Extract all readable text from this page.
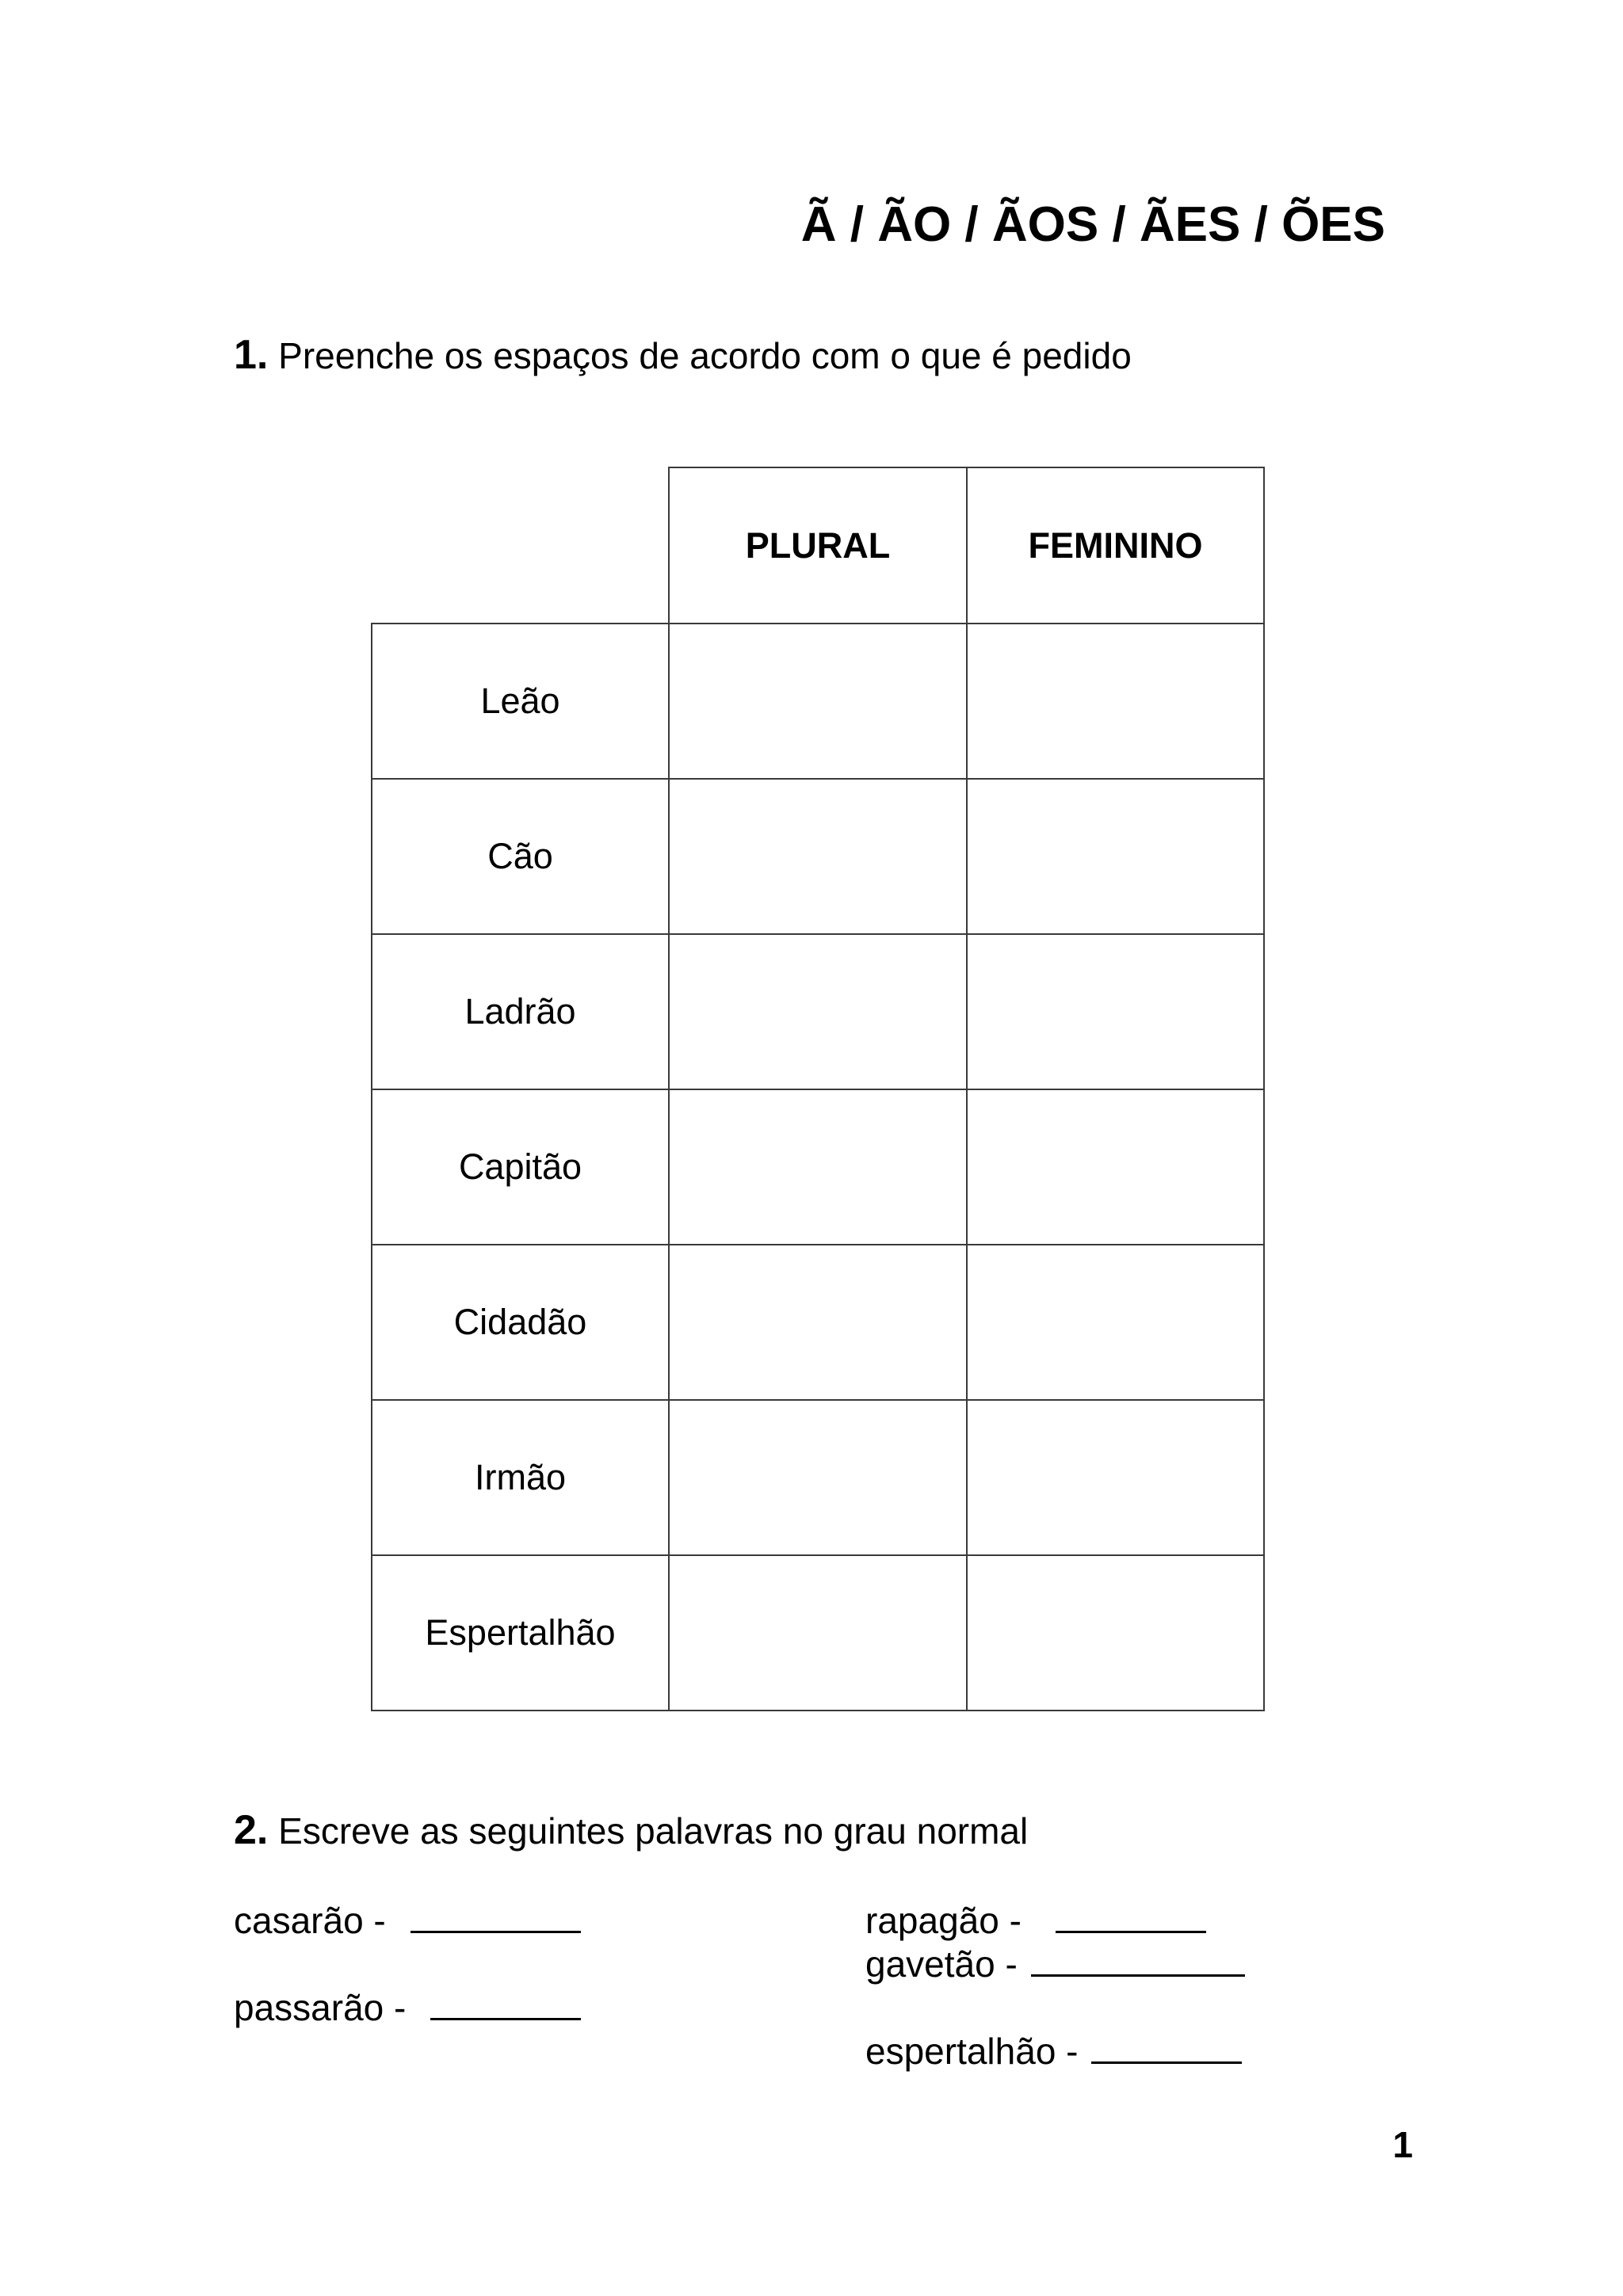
Ã / ÃO / ÃOS / ÃES / ÕES

1. Preenche os espaços de acordo com o que é pedido

PLURAL	FEMININO
Leão
Cão
Ladrão
Capitão
Cidadão
Irmão
Espertalhão

2. Escreve as seguintes palavras no grau normal

casarão -
passarão -
rapagão -
gavetão -
espertalhão -
1
